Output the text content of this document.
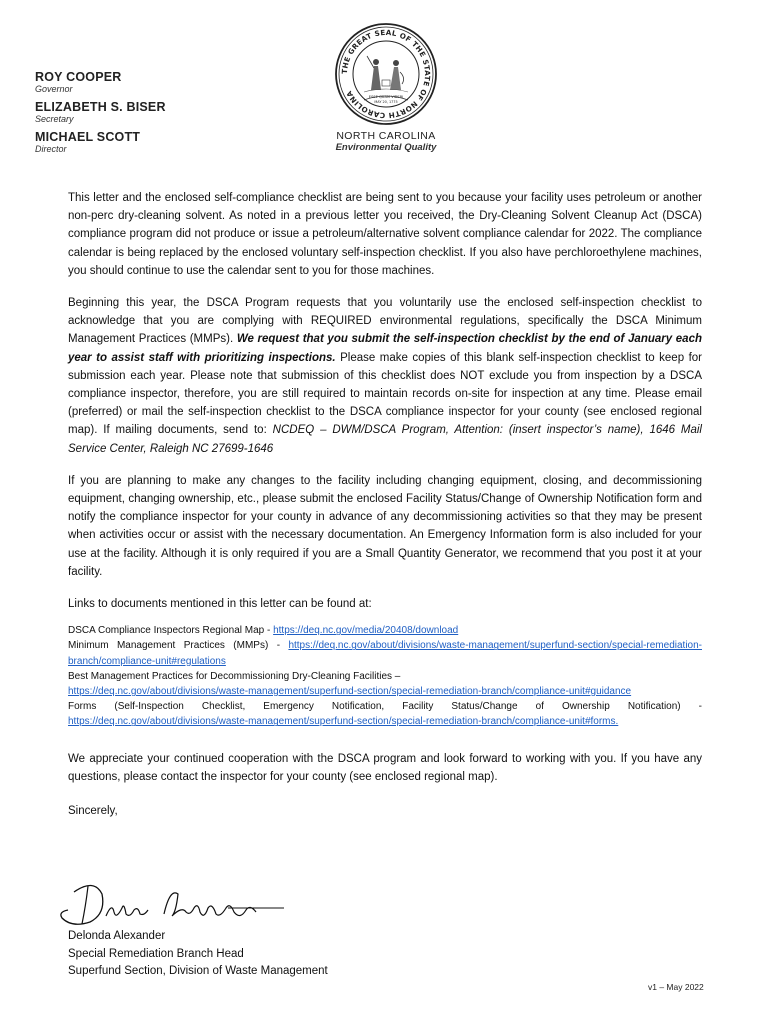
ROY COOPER
Governor
ELIZABETH S. BISER
Secretary
MICHAEL SCOTT
Director
THE GREAT SEAL OF THE STATE OF NORTH CAROLINA	ESSE QUAM VIDERI
MAY 20, 1775
NORTH CAROLINA
Environmental Quality

This letter and the enclosed self-compliance checklist are being sent to you because your facility uses petroleum or another non-perc dry-cleaning solvent. As noted in a previous letter you received, the Dry-Cleaning Solvent Cleanup Act (DSCA) compliance program did not produce or issue a petroleum/alternative solvent compliance calendar for 2022. The compliance calendar is being replaced by the enclosed voluntary self-inspection checklist. If you also have perchloroethylene machines, you should continue to use the calendar sent to you for those machines.

Beginning this year, the DSCA Program requests that you voluntarily use the enclosed self-inspection checklist to acknowledge that you are complying with REQUIRED environmental regulations, specifically the DSCA Minimum Management Practices (MMPs). We request that you submit the self-inspection checklist by the end of January each year to assist staff with prioritizing inspections. Please make copies of this blank self-inspection checklist to keep for submission each year. Please note that submission of this checklist does NOT exclude you from inspection by a DSCA compliance inspector, therefore, you are still required to maintain records on-site for inspection at any time. Please email (preferred) or mail the self-inspection checklist to the DSCA compliance inspector for your county (see enclosed regional map). If mailing documents, send to: NCDEQ – DWM/DSCA Program, Attention: (insert inspector’s name), 1646 Mail Service Center, Raleigh NC 27699-1646

If you are planning to make any changes to the facility including changing equipment, closing, and decommissioning equipment, changing ownership, etc., please submit the enclosed Facility Status/Change of Ownership Notification form and notify the compliance inspector for your county in advance of any decommissioning activities so that they may be present when activities occur or assist with the necessary documentation. An Emergency Information form is also included for your use at the facility. Although it is only required if you are a Small Quantity Generator, we recommend that you post it at your facility.

Links to documents mentioned in this letter can be found at:

DSCA Compliance Inspectors Regional Map - https://deq.nc.gov/media/20408/download

Minimum Management Practices (MMPs) - https://deq.nc.gov/about/divisions/waste-management/superfund-section/special-remediation-branch/compliance-unit#regulations

Best Management Practices for Decommissioning Dry-Cleaning Facilities –
https://deq.nc.gov/about/divisions/waste-management/superfund-section/special-remediation-branch/compliance-unit#guidance

Forms (Self-Inspection Checklist, Emergency Notification, Facility Status/Change of Ownership Notification) - https://deq.nc.gov/about/divisions/waste-management/superfund-section/special-remediation-branch/compliance-unit#forms.

We appreciate your continued cooperation with the DSCA program and look forward to working with you. If you have any questions, please contact the inspector for your county (see enclosed regional map).

Sincerely,

Delonda Alexander
Special Remediation Branch Head
Superfund Section, Division of Waste Management
v1 – May 2022
